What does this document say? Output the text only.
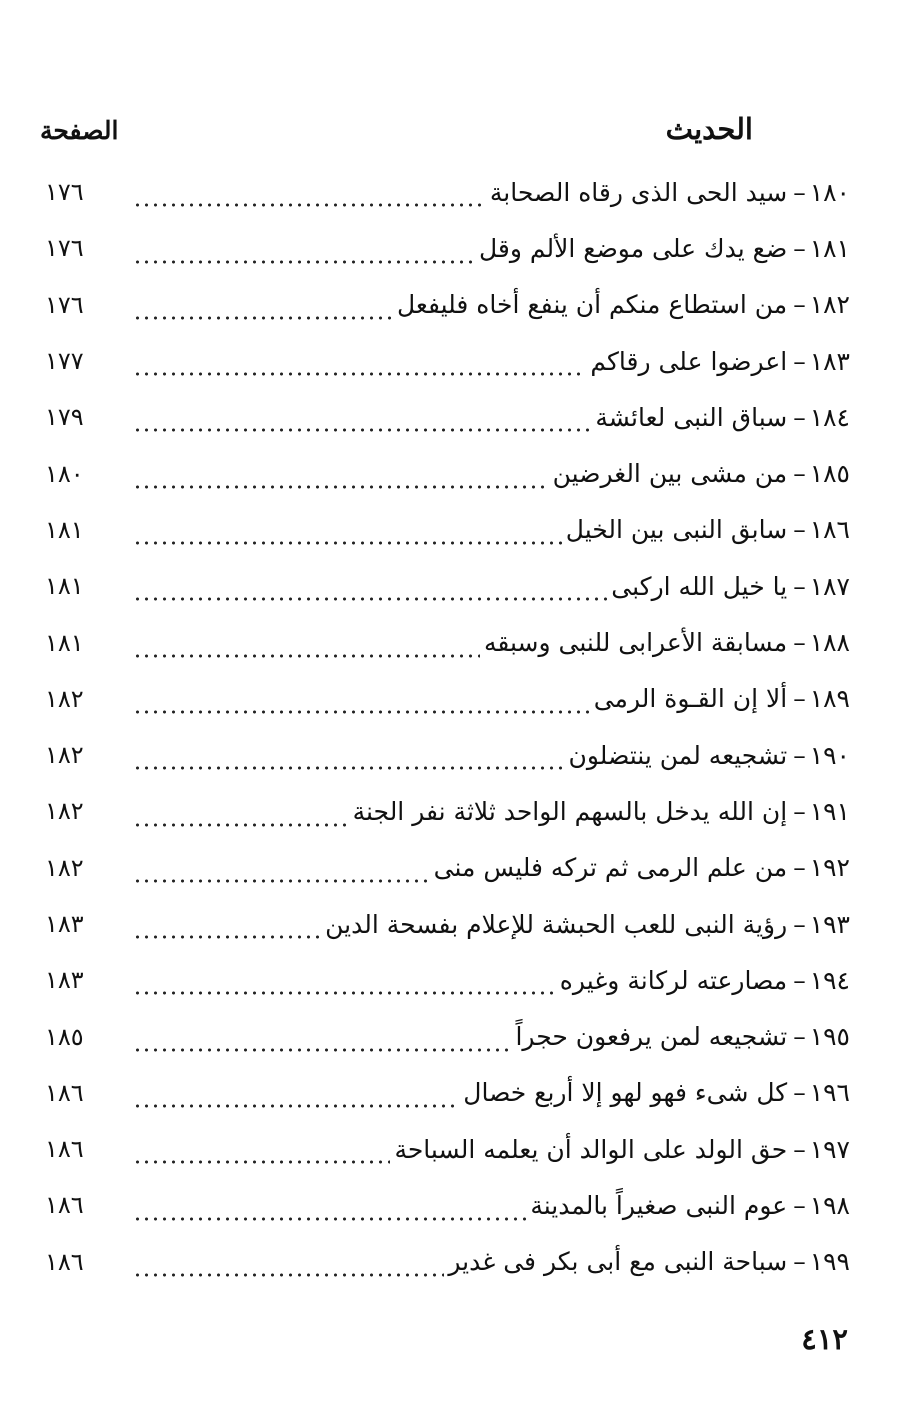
الحديث
الصفحة
١٨٠
–
سيد الحى الذى رقاه الصحابة
١٧٦
١٨١
–
ضع يدك على موضع الألم وقل
١٧٦
١٨٢
–
من استطاع منكم أن ينفع أخاه فليفعل
١٧٦
١٨٣
–
اعرضوا على رقاكم
١٧٧
١٨٤
–
سباق النبى لعائشة
١٧٩
١٨٥
–
من مشى بين الغرضين
١٨٠
١٨٦
–
سابق النبى بين الخيل
١٨١
١٨٧
–
يا خيل الله اركبى
١٨١
١٨٨
–
مسابقة الأعرابى للنبى وسبقه
١٨١
١٨٩
–
ألا إن القـوة الرمى
١٨٢
١٩٠
–
تشجيعه لمن ينتضلون
١٨٢
١٩١
–
إن الله يدخل بالسهم الواحد ثلاثة نفر الجنة
١٨٢
١٩٢
–
من علم الرمى ثم تركه فليس منى
١٨٢
١٩٣
–
رؤية النبى للعب الحبشة للإعلام بفسحة الدين
١٨٣
١٩٤
–
مصارعته لركانة وغيره
١٨٣
١٩٥
–
تشجيعه لمن يرفعون حجراً
١٨٥
١٩٦
–
كل شىء فهو لهو إلا أربع خصال
١٨٦
١٩٧
–
حق الولد على الوالد أن يعلمه السباحة
١٨٦
١٩٨
–
عوم النبى صغيراً بالمدينة
١٨٦
١٩٩
–
سباحة النبى مع أبى بكر فى غدير
١٨٦
٤١٢
